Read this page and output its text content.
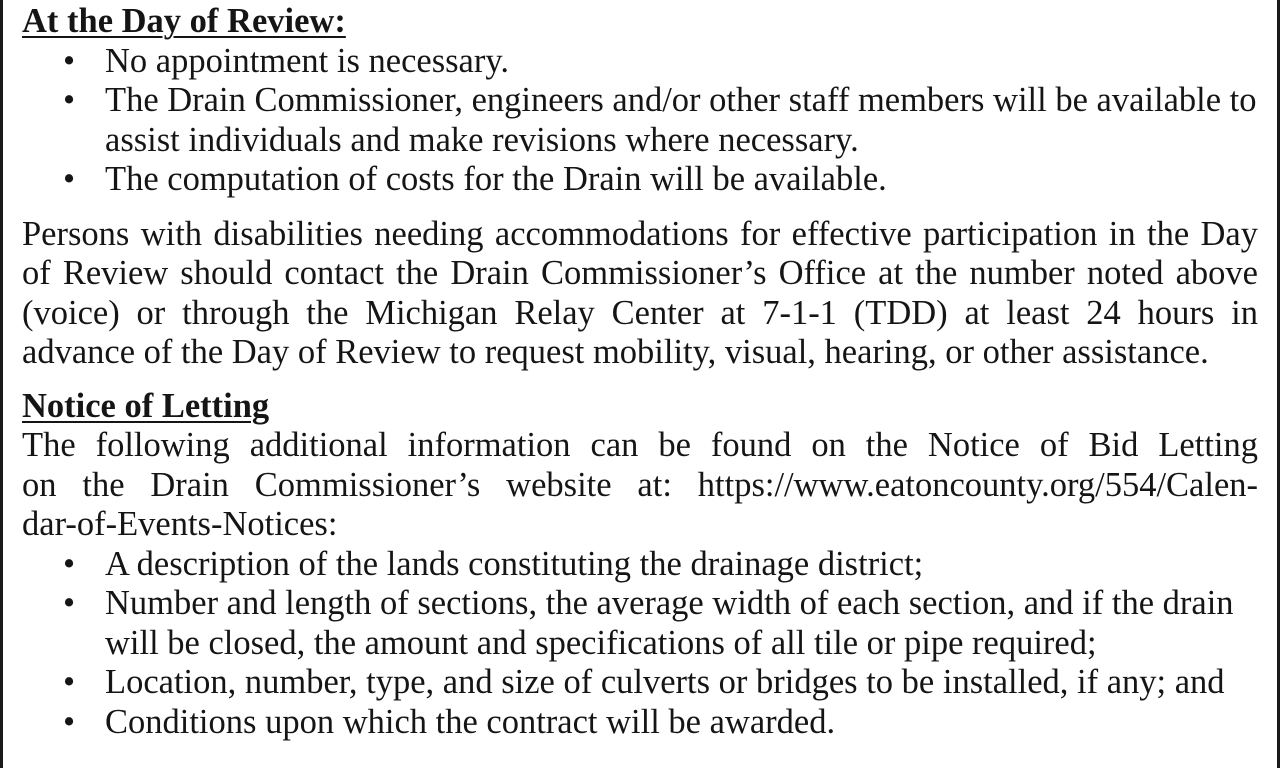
At the Day of Review:

• No appointment is necessary.
• The Drain Commissioner, engineers and/or other staff members will be available to assist individuals and make revisions where necessary.
• The computation of costs for the Drain will be available.

Persons with disabilities needing accommodations for effective participation in the Day of Review should contact the Drain Commissioner’s Office at the number noted above (voice) or through the Michigan Relay Center at 7-1-1 (TDD) at least 24 hours in advance of the Day of Review to request mobility, visual, hearing, or other assistance.

Notice of Letting

The following additional information can be found on the Notice of Bid Letting
on the Drain Commissioner’s website at: https://www.eatoncounty.org/554/Calen-
dar-of-Events-Notices:

• A description of the lands constituting the drainage district;
• Number and length of sections, the average width of each section, and if the drain will be closed, the amount and specifications of all tile or pipe required;
• Location, number, type, and size of culverts or bridges to be installed, if any; and
• Conditions upon which the contract will be awarded.
